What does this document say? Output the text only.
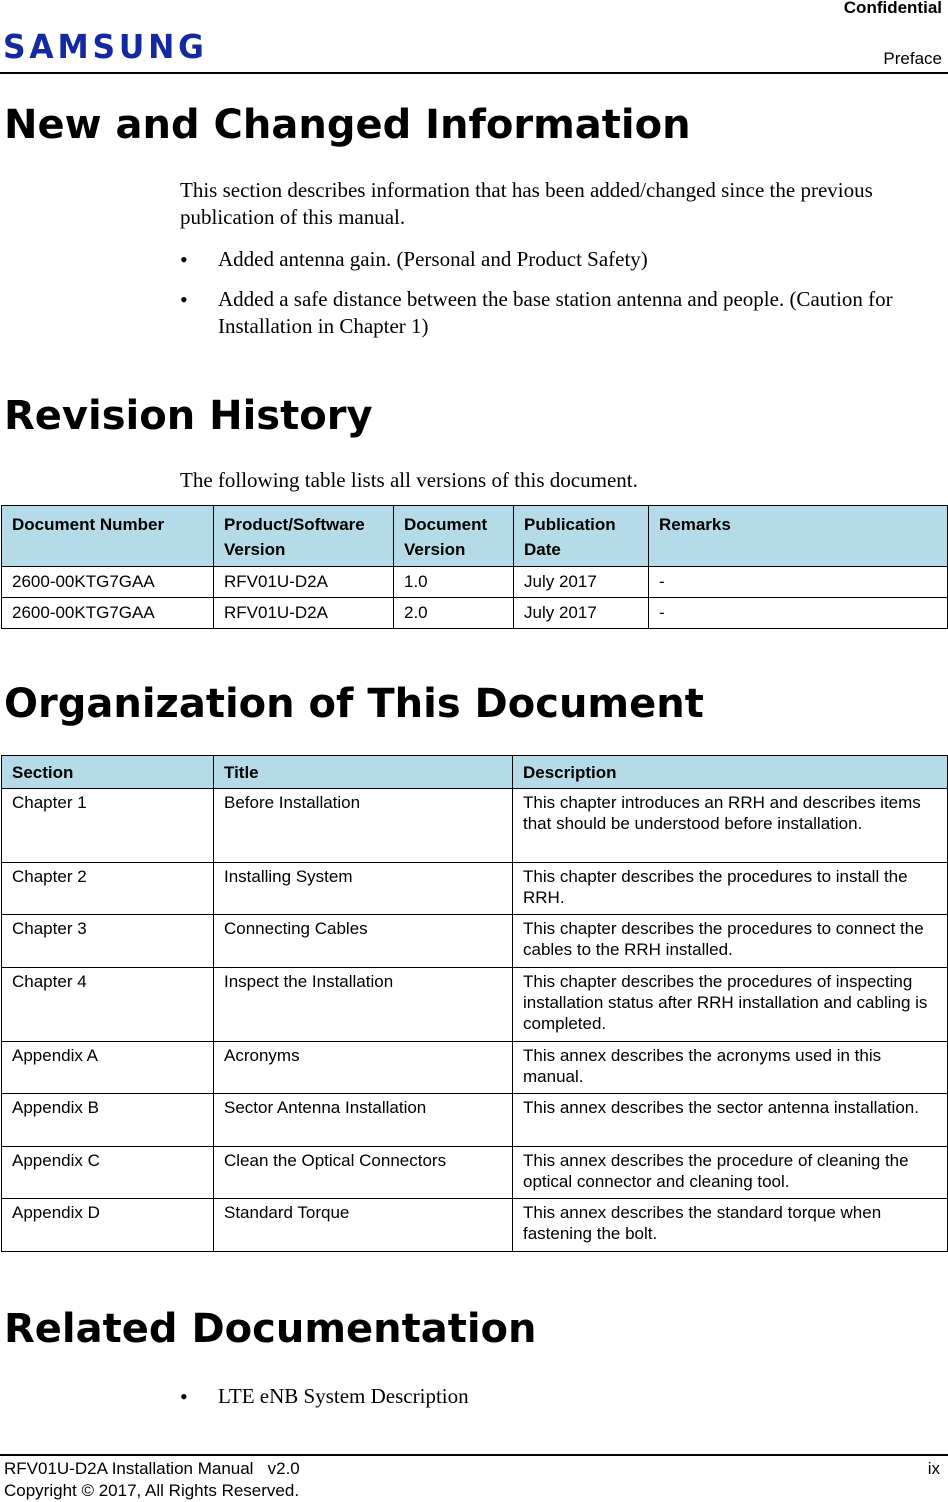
Confidential
SAMSUNG	Preface
New and Changed Information
This section describes information that has been added/changed since the previous publication of this manual.
• Added antenna gain. (Personal and Product Safety)
• Added a safe distance between the base station antenna and people. (Caution for Installation in Chapter 1)
Revision History
The following table lists all versions of this document.
Document Number	Product/Software Version	Document Version	Publication Date	Remarks
2600-00KTG7GAA	RFV01U-D2A	1.0	July 2017	-
2600-00KTG7GAA	RFV01U-D2A	2.0	July 2017	-
Organization of This Document
Section	Title	Description
Chapter 1	Before Installation	This chapter introduces an RRH and describes items that should be understood before installation.
Chapter 2	Installing System	This chapter describes the procedures to install the RRH.
Chapter 3	Connecting Cables	This chapter describes the procedures to connect the cables to the RRH installed.
Chapter 4	Inspect the Installation	This chapter describes the procedures of inspecting installation status after RRH installation and cabling is completed.
Appendix A	Acronyms	This annex describes the acronyms used in this manual.
Appendix B	Sector Antenna Installation	This annex describes the sector antenna installation.
Appendix C	Clean the Optical Connectors	This annex describes the procedure of cleaning the optical connector and cleaning tool.
Appendix D	Standard Torque	This annex describes the standard torque when fastening the bolt.
Related Documentation
• LTE eNB System Description
RFV01U-D2A Installation Manual   v2.0	ix
Copyright © 2017, All Rights Reserved.
